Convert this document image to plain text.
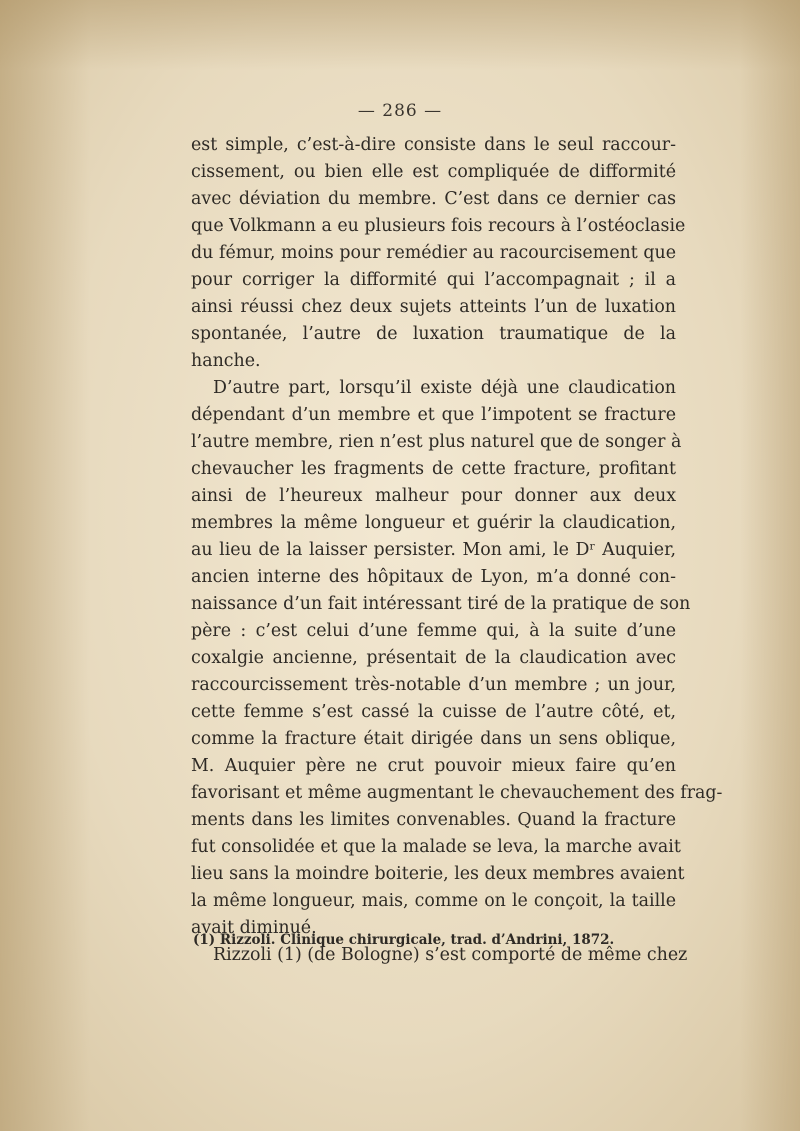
— 286 —
est simple, c’est-à-dire consiste dans le seul raccour-
cissement, ou bien elle est compliquée de difformité
avec déviation du membre. C’est dans ce dernier cas
que Volkmann a eu plusieurs fois recours à l’ostéoclasie
du fémur, moins pour remédier au racourcisement que
pour corriger la difformité qui l’accompagnait ; il a
ainsi réussi chez deux sujets atteints l’un de luxation
spontanée, l’autre de luxation traumatique de la
hanche.
D’autre part, lorsqu’il existe déjà une claudication
dépendant d’un membre et que l’impotent se fracture
l’autre membre, rien n’est plus naturel que de songer à
chevaucher les fragments de cette fracture, profitant
ainsi de l’heureux malheur pour donner aux deux
membres la même longueur et guérir la claudication,
au lieu de la laisser persister. Mon ami, le Dʳ Auquier,
ancien interne des hôpitaux de Lyon, m’a donné con-
naissance d’un fait intéressant tiré de la pratique de son
père : c’est celui d’une femme qui, à la suite d’une
coxalgie ancienne, présentait de la claudication avec
raccourcissement très-notable d’un membre ; un jour,
cette femme s’est cassé la cuisse de l’autre côté, et,
comme la fracture était dirigée dans un sens oblique,
M. Auquier père ne crut pouvoir mieux faire qu’en
favorisant et même augmentant le chevauchement des frag-
ments dans les limites convenables. Quand la fracture
fut consolidée et que la malade se leva, la marche avait
lieu sans la moindre boiterie, les deux membres avaient
la même longueur, mais, comme on le conçoit, la taille
avait diminué.
Rizzoli (1) (de Bologne) s’est comporté de même chez
(1) Rizzoli. Clinique chirurgicale, trad. d’Andrini, 1872.
